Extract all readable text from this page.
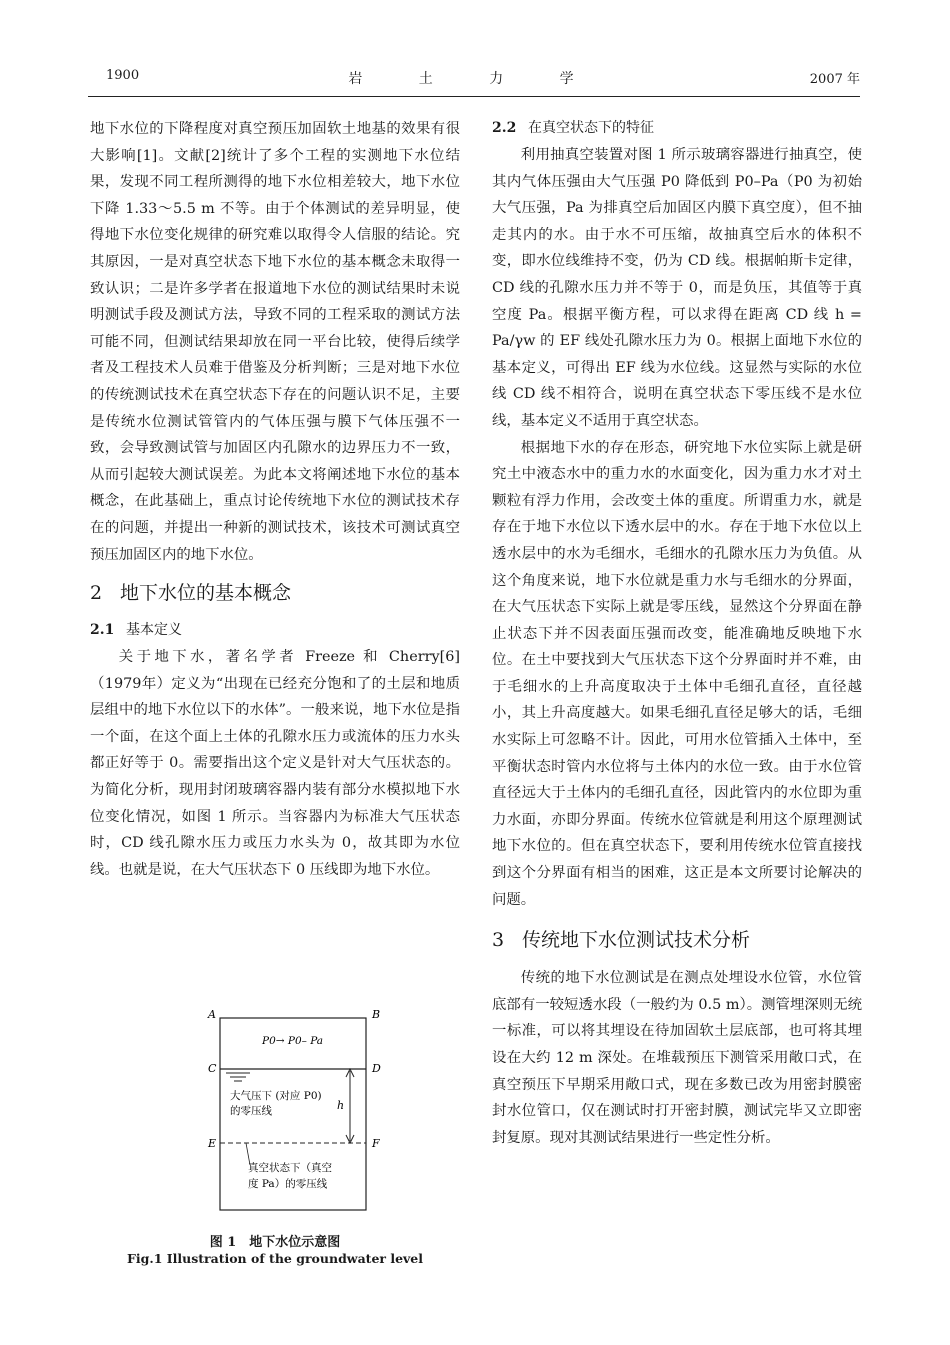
1900	岩 土 力 学	2007 年

地下水位的下降程度对真空预压加固软土地基的效果有很大影响[1]。文献[2]统计了多个工程的实测地下水位结果，发现不同工程所测得的地下水位相差较大，地下水位下降 1.33～5.5 m 不等。由于个体测试的差异明显，使得地下水位变化规律的研究难以取得令人信服的结论。究其原因，一是对真空状态下地下水位的基本概念未取得一致认识；二是许多学者在报道地下水位的测试结果时未说明测试手段及测试方法，导致不同的工程采取的测试方法可能不同，但测试结果却放在同一平台比较，使得后续学者及工程技术人员难于借鉴及分析判断；三是对地下水位的传统测试技术在真空状态下存在的问题认识不足，主要是传统水位测试管管内的气体压强与膜下气体压强不一致，会导致测试管与加固区内孔隙水的边界压力不一致，从而引起较大测试误差。为此本文将阐述地下水位的基本概念，在此基础上，重点讨论传统地下水位的测试技术存在的问题，并提出一种新的测试技术，该技术可测试真空预压加固区内的地下水位。

2 地下水位的基本概念
2.1 基本定义

关于地下水，著名学者 Freeze 和 Cherry[6]（1979年）定义为“出现在已经充分饱和了的土层和地质层组中的地下水位以下的水体”。一般来说，地下水位是指一个面，在这个面上土体的孔隙水压力或流体的压力水头都正好等于 0。需要指出这个定义是针对大气压状态的。为简化分析，现用封闭玻璃容器内装有部分水模拟地下水位变化情况，如图 1 所示。当容器内为标准大气压状态时，CD 线孔隙水压力或压力水头为 0，故其即为水位线。也就是说，在大气压状态下 0 压线即为地下水位。

A	B
C	D
E	F
P0→ P0– Pa
h
大气压下 (对应 P0)
的零压线
真空状态下（真空
度 Pa）的零压线
图 1　地下水位示意图
Fig.1 Illustration of the groundwater level
2.2 在真空状态下的特征

利用抽真空装置对图 1 所示玻璃容器进行抽真空，使其内气体压强由大气压强 P0 降低到 P0–Pa（P0 为初始大气压强，Pa 为排真空后加固区内膜下真空度），但不抽走其内的水。由于水不可压缩，故抽真空后水的体积不变，即水位线维持不变，仍为 CD 线。根据帕斯卡定律，CD 线的孔隙水压力并不等于 0，而是负压，其值等于真空度 Pa。根据平衡方程，可以求得在距离 CD 线 h = Pa/γw 的 EF 线处孔隙水压力为 0。根据上面地下水位的基本定义，可得出 EF 线为水位线。这显然与实际的水位线 CD 线不相符合，说明在真空状态下零压线不是水位线，基本定义不适用于真空状态。

根据地下水的存在形态，研究地下水位实际上就是研究土中液态水中的重力水的水面变化，因为重力水才对土颗粒有浮力作用，会改变土体的重度。所谓重力水，就是存在于地下水位以下透水层中的水。存在于地下水位以上透水层中的水为毛细水，毛细水的孔隙水压力为负值。从这个角度来说，地下水位就是重力水与毛细水的分界面，在大气压状态下实际上就是零压线，显然这个分界面在静止状态下并不因表面压强而改变，能准确地反映地下水位。在土中要找到大气压状态下这个分界面时并不难，由于毛细水的上升高度取决于土体中毛细孔直径，直径越小，其上升高度越大。如果毛细孔直径足够大的话，毛细水实际上可忽略不计。因此，可用水位管插入土体中，至平衡状态时管内水位将与土体内的水位一致。由于水位管直径远大于土体内的毛细孔直径，因此管内的水位即为重力水面，亦即分界面。传统水位管就是利用这个原理测试地下水位的。但在真空状态下，要利用传统水位管直接找到这个分界面有相当的困难，这正是本文所要讨论解决的问题。

3 传统地下水位测试技术分析

传统的地下水位测试是在测点处埋设水位管，水位管底部有一较短透水段（一般约为 0.5 m）。测管埋深则无统一标准，可以将其埋设在待加固软土层底部，也可将其埋设在大约 12 m 深处。在堆载预压下测管采用敞口式，在真空预压下早期采用敞口式，现在多数已改为用密封膜密封水位管口，仅在测试时打开密封膜，测试完毕又立即密封复原。现对其测试结果进行一些定性分析。
